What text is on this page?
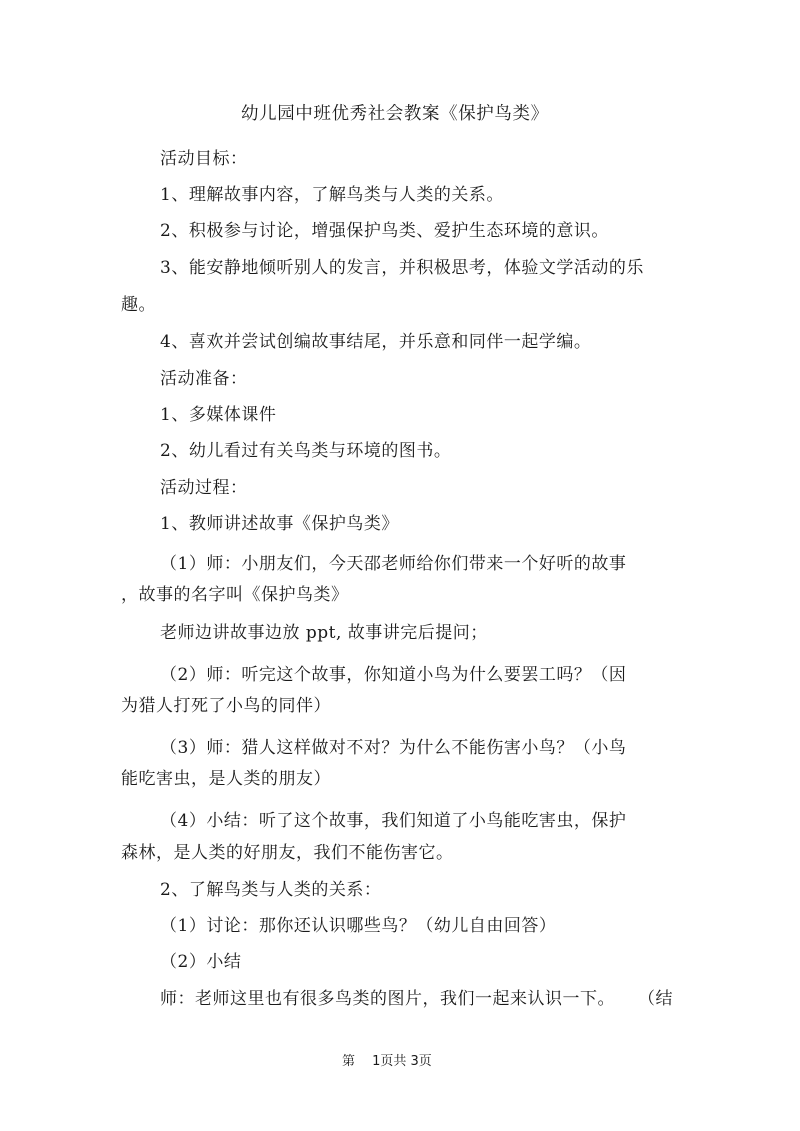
幼儿园中班优秀社会教案《保护鸟类》
活动目标：
1、理解故事内容，了解鸟类与人类的关系。
2、积极参与讨论，增强保护鸟类、爱护生态环境的意识。
3、能安静地倾听别人的发言，并积极思考，体验文学活动的乐
趣。
4、喜欢并尝试创编故事结尾，并乐意和同伴一起学编。
活动准备：
1、多媒体课件
2、幼儿看过有关鸟类与环境的图书。
活动过程：
1、教师讲述故事《保护鸟类》
（1）师：小朋友们，今天邵老师给你们带来一个好听的故事
，故事的名字叫《保护鸟类》
老师边讲故事边放 ppt, 故事讲完后提问；
（2）师：听完这个故事，你知道小鸟为什么要罢工吗？（因
为猎人打死了小鸟的同伴）
（3）师：猎人这样做对不对？为什么不能伤害小鸟？（小鸟
能吃害虫，是人类的朋友）
（4）小结：听了这个故事，我们知道了小鸟能吃害虫，保护
森林，是人类的好朋友，我们不能伤害它。
2、了解鸟类与人类的关系：
（1）讨论：那你还认识哪些鸟？（幼儿自由回答）
（2）小结
师：老师这里也有很多鸟类的图片，我们一起来认识一下。 （结
第　 1页共 3页
